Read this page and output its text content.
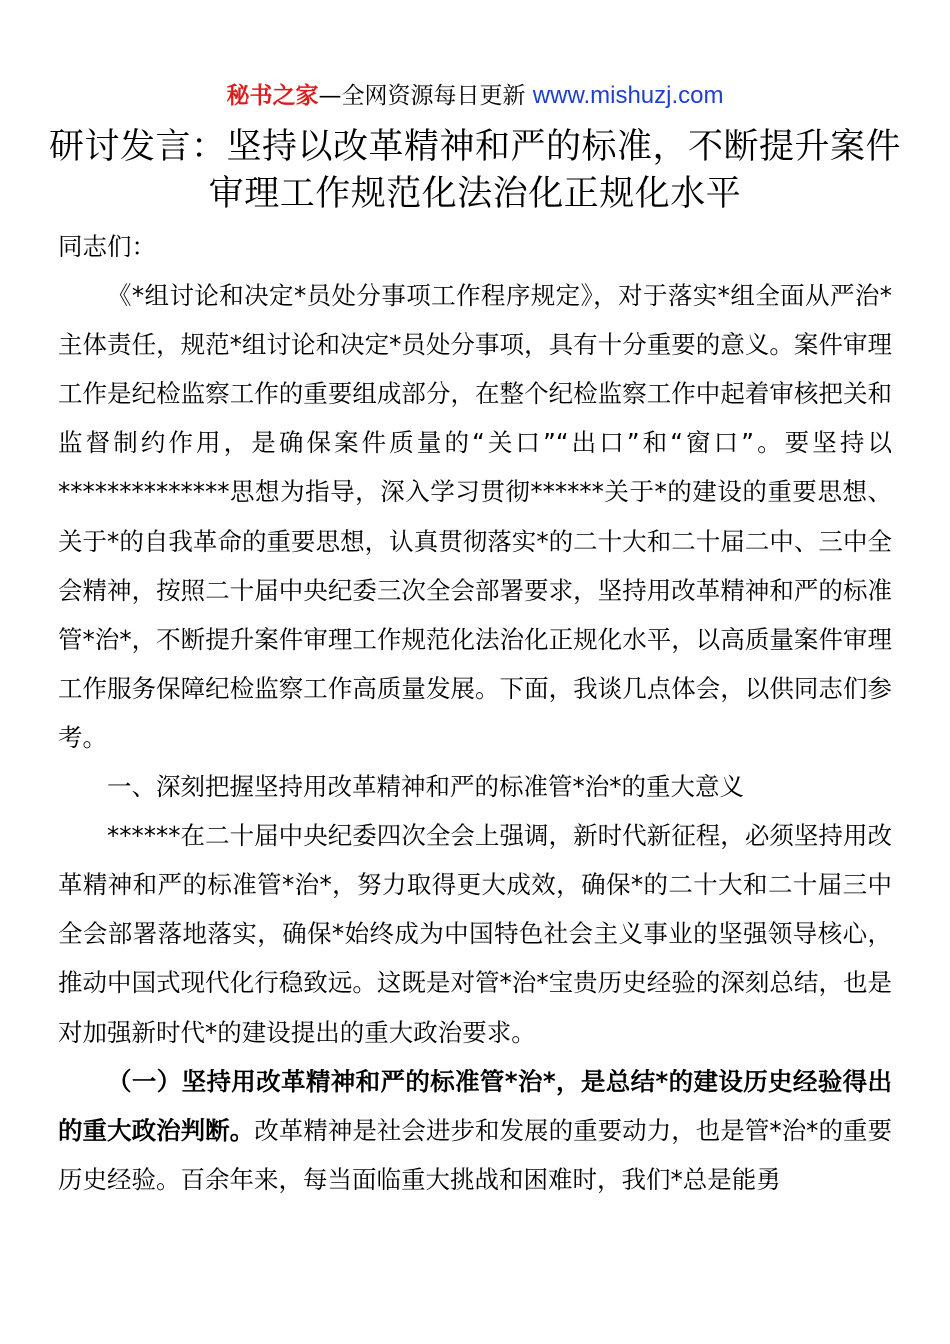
秘书之家—全网资源每日更新 www.mishuzj.com
研讨发言：坚持以改革精神和严的标准，不断提升案件审理工作规范化法治化正规化水平

同志们：

《*组讨论和决定*员处分事项工作程序规定》，对于落实*组全面从严治*主体责任，规范*组讨论和决定*员处分事项，具有十分重要的意义。案件审理工作是纪检监察工作的重要组成部分，在整个纪检监察工作中起着审核把关和监督制约作用，是确保案件质量的“关口”“出口”和“窗口”。要坚持以**************思想为指导，深入学习贯彻******关于*的建设的重要思想、关于*的自我革命的重要思想，认真贯彻落实*的二十大和二十届二中、三中全会精神，按照二十届中央纪委三次全会部署要求，坚持用改革精神和严的标准管*治*，不断提升案件审理工作规范化法治化正规化水平，以高质量案件审理工作服务保障纪检监察工作高质量发展。下面，我谈几点体会，以供同志们参考。

一、深刻把握坚持用改革精神和严的标准管*治*的重大意义

******在二十届中央纪委四次全会上强调，新时代新征程，必须坚持用改革精神和严的标准管*治*，努力取得更大成效，确保*的二十大和二十届三中全会部署落地落实，确保*始终成为中国特色社会主义事业的坚强领导核心，推动中国式现代化行稳致远。这既是对管*治*宝贵历史经验的深刻总结，也是对加强新时代*的建设提出的重大政治要求。

（一）坚持用改革精神和严的标准管*治*，是总结*的建设历史经验得出的重大政治判断。改革精神是社会进步和发展的重要动力，也是管*治*的重要历史经验。百余年来，每当面临重大挑战和困难时，我们*总是能勇
